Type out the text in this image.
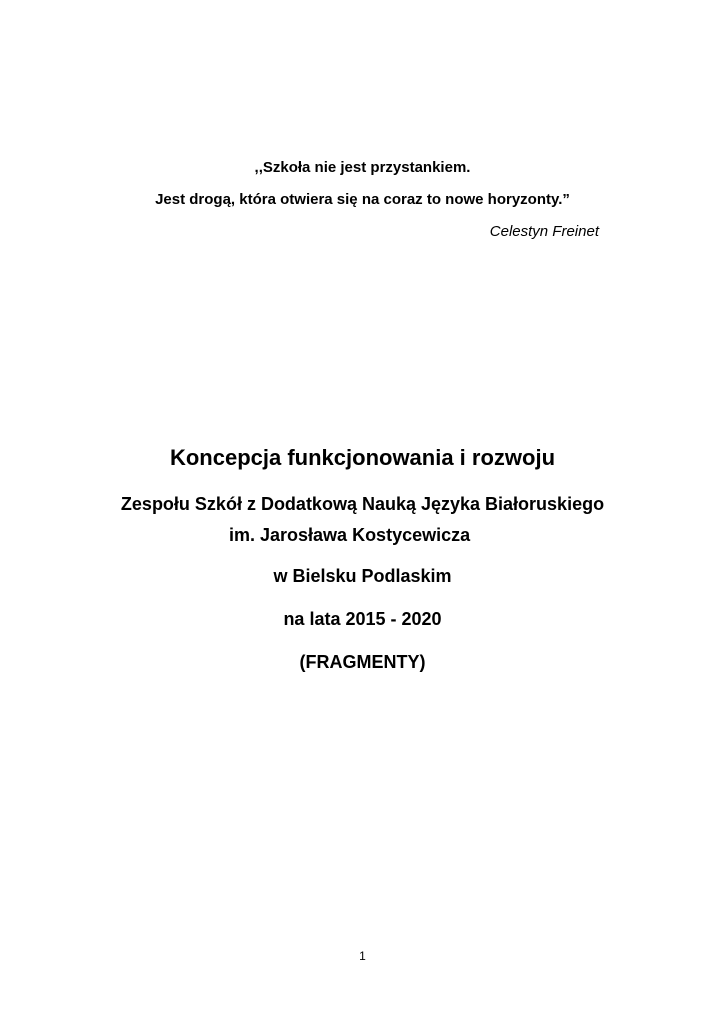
,,Szkoła nie jest przystankiem.
Jest drogą, która otwiera się na coraz to nowe horyzonty.”
Celestyn Freinet
Koncepcja funkcjonowania i rozwoju
Zespołu Szkół z Dodatkową Nauką Języka Białoruskiego
im. Jarosława Kostycewicza
w Bielsku Podlaskim
na lata 2015 - 2020
(FRAGMENTY)
1
